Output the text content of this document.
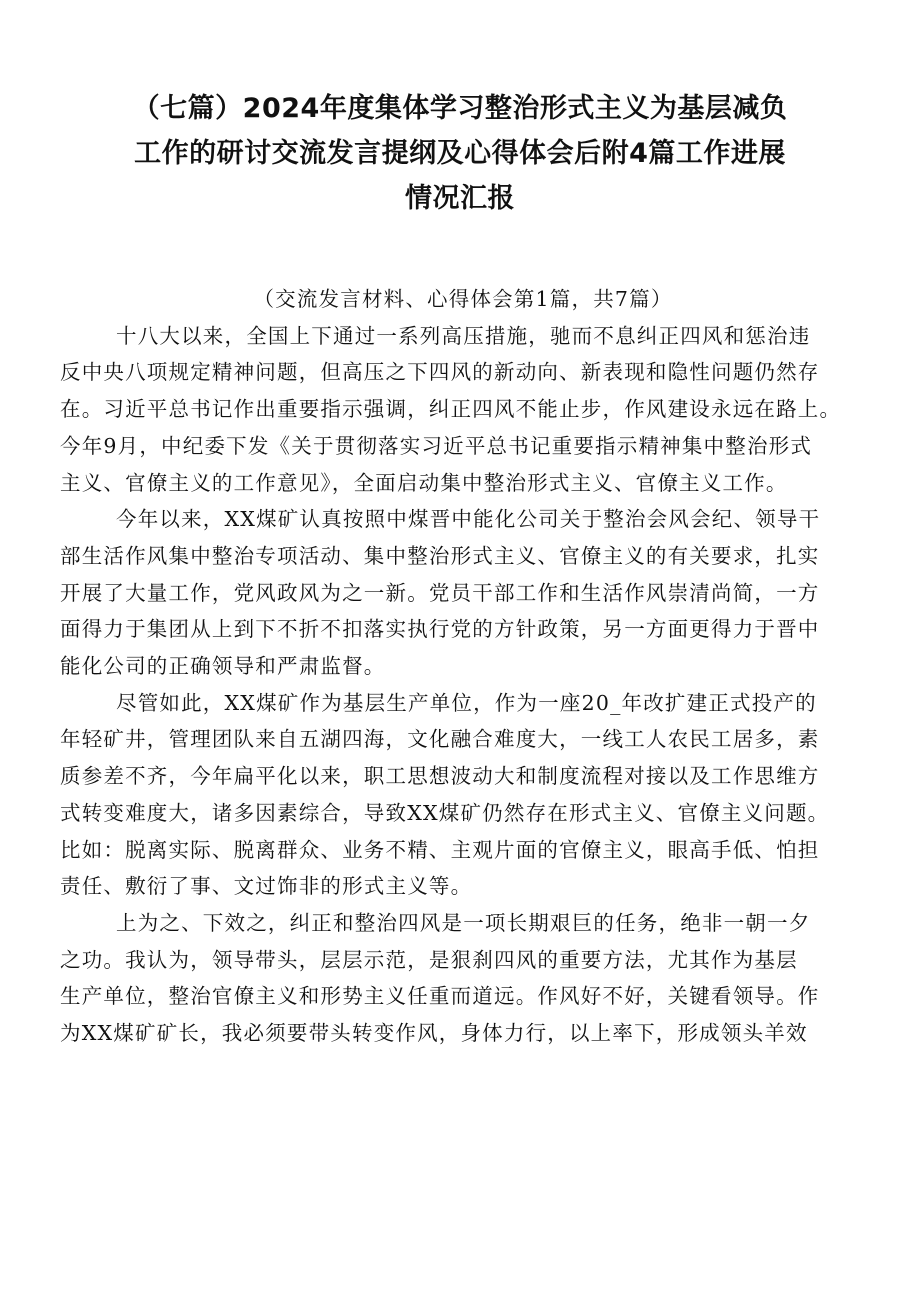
（七篇）2024年度集体学习整治形式主义为基层减负
工作的研讨交流发言提纲及心得体会后附4篇工作进展
情况汇报

（交流发言材料、心得体会第1篇，共7篇）

十八大以来，全国上下通过一系列高压措施，驰而不息纠正四风和惩治违
反中央八项规定精神问题，但高压之下四风的新动向、新表现和隐性问题仍然存
在。习近平总书记作出重要指示强调，纠正四风不能止步，作风建设永远在路上。
今年9月，中纪委下发《关于贯彻落实习近平总书记重要指示精神集中整治形式
主义、官僚主义的工作意见》，全面启动集中整治形式主义、官僚主义工作。

今年以来，XX煤矿认真按照中煤晋中能化公司关于整治会风会纪、领导干
部生活作风集中整治专项活动、集中整治形式主义、官僚主义的有关要求，扎实
开展了大量工作，党风政风为之一新。党员干部工作和生活作风崇清尚简，一方
面得力于集团从上到下不折不扣落实执行党的方针政策，另一方面更得力于晋中
能化公司的正确领导和严肃监督。

尽管如此，XX煤矿作为基层生产单位，作为一座20_年改扩建正式投产的
年轻矿井，管理团队来自五湖四海，文化融合难度大，一线工人农民工居多，素
质参差不齐，今年扁平化以来，职工思想波动大和制度流程对接以及工作思维方
式转变难度大，诸多因素综合，导致XX煤矿仍然存在形式主义、官僚主义问题。
比如：脱离实际、脱离群众、业务不精、主观片面的官僚主义，眼高手低、怕担
责任、敷衍了事、文过饰非的形式主义等。

上为之、下效之，纠正和整治四风是一项长期艰巨的任务，绝非一朝一夕
之功。我认为，领导带头，层层示范，是狠刹四风的重要方法，尤其作为基层
生产单位，整治官僚主义和形势主义任重而道远。作风好不好，关键看领导。作
为XX煤矿矿长，我必须要带头转变作风，身体力行，以上率下，形成领头羊效
